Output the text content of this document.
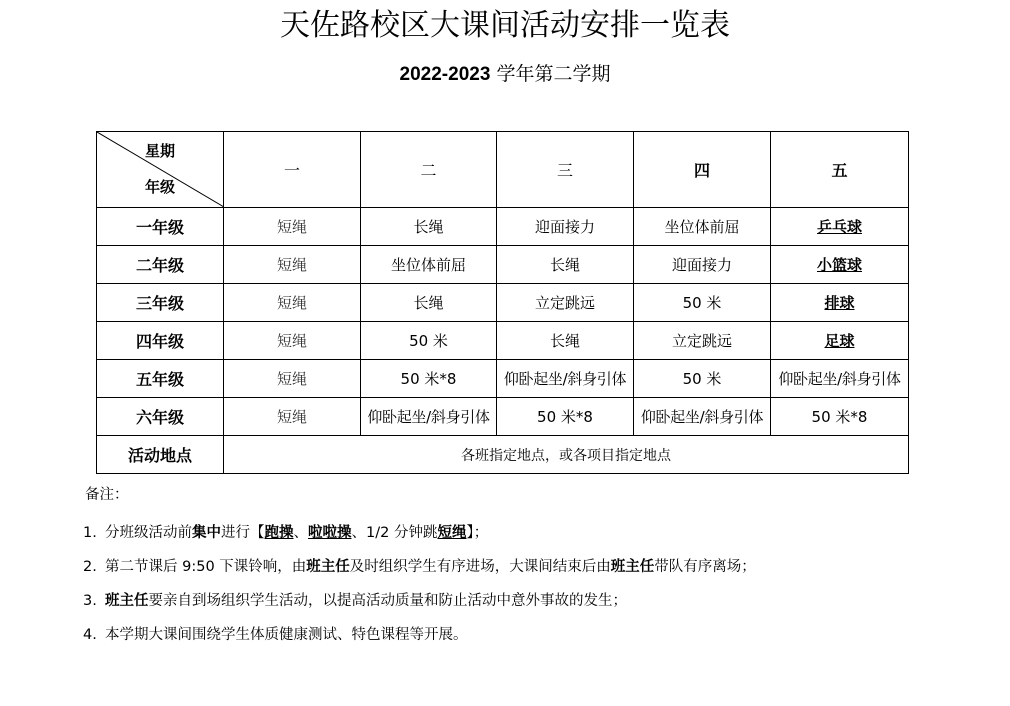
天佐路校区大课间活动安排一览表
2022-2023 学年第二学期
星期
年级	一	二	三	四	五
一年级	短绳	长绳	迎面接力	坐位体前屈	乒乓球
二年级	短绳	坐位体前屈	长绳	迎面接力	小篮球
三年级	短绳	长绳	立定跳远	50 米	排球
四年级	短绳	50 米	长绳	立定跳远	足球
五年级	短绳	50 米*8	仰卧起坐/斜身引体	50 米	仰卧起坐/斜身引体
六年级	短绳	仰卧起坐/斜身引体	50 米*8	仰卧起坐/斜身引体	50 米*8
活动地点	各班指定地点，或各项目指定地点				
备注：
1. 分班级活动前集中进行【跑操、啦啦操、1/2 分钟跳短绳】；
2. 第二节课后 9:50 下课铃响，由班主任及时组织学生有序进场，大课间结束后由班主任带队有序离场；
3. 班主任要亲自到场组织学生活动，以提高活动质量和防止活动中意外事故的发生；
4. 本学期大课间围绕学生体质健康测试、特色课程等开展。
